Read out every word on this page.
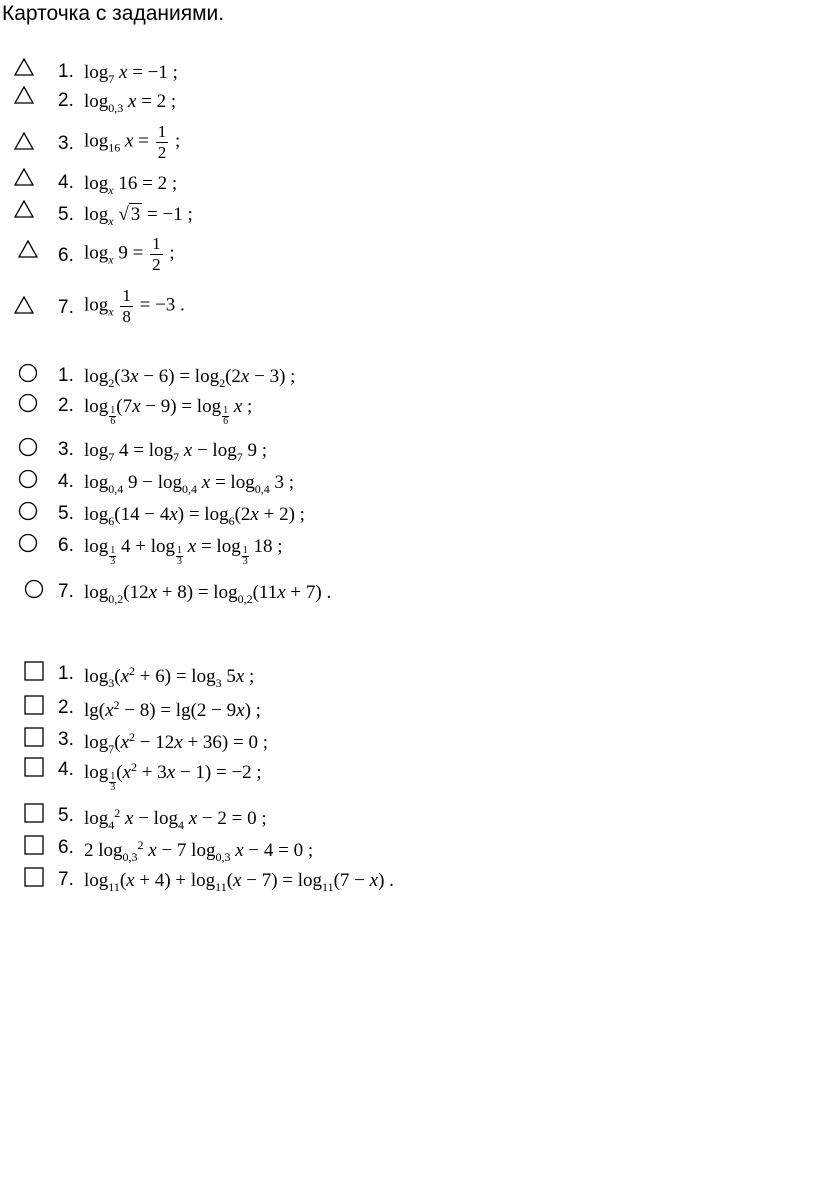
Карточка с заданиями.
1. $\log_7 x = -1$ ;
2. $\log_{0,3} x = 2$ ;
3. $\log_{16} x = \frac{1}{2}$ ;
4. $\log_x 16 = 2$ ;
5. $\log_x$ √ 3 = −1 ;
6. $\log_x 9 = \frac{1}{2}$ ;
7. $\log_x \frac{1}{8} = -3$ .
1. $\log_2(3x - 6) = \log_2(2x - 3)$ ;
2. $\log \frac{1}{6} (7x - 9) = \log \frac{1}{6}$ x ;
3. $\log_7 4 = \log_7 x - \log_7 9$ ;
4. $\log_{0,4} 9 - \log_{0,4} x = \log_{0,4} 3$ ;
5. $\log_6(14 - 4x) = \log_6(2x + 2)$ ;
6. $\log \frac{1}{3} 4 + \log \frac{1}{3}$ $x = \log \frac{1}{3} 18$ ;
7. $\log_{0,2}(12x + 8) = \log_{0,2}(11x + 7)$ .
1. $\log_3(x^2 + 6) = \log_3 5x$ ;
2. $\lg(x^2 - 8) = \lg(2 - 9x)$ ;
3. $\log_7(x^2 - 12x + 36) = 0$ ;
4. $\log \frac{1}{3} (x^2 + 3x - 1) = -2$ ;
5. $\log_4^2 x - \log_4 x - 2 = 0$ ;
6. 2 $\log_{0,3}^2 x - 7$ $\log_{0,3} x - 4 = 0$ ;
7. $\log_{11}(x + 4) + \log_{11}(x - 7) = \log_{11}(7 - x)$ .
